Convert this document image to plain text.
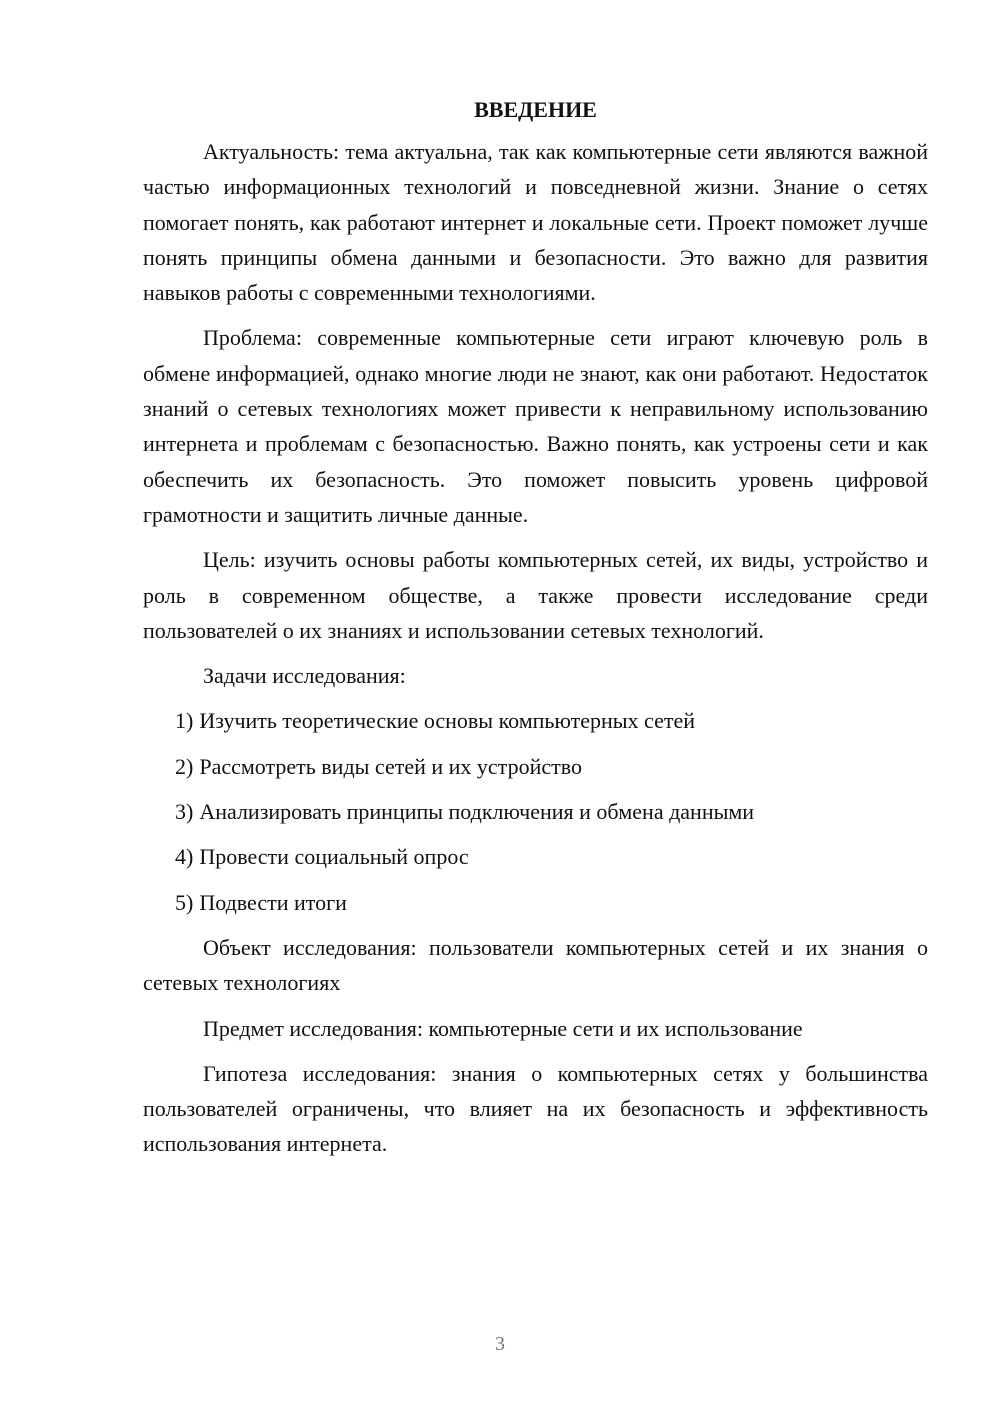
ВВЕДЕНИЕ

Актуальность: тема актуальна, так как компьютерные сети являются важной частью информационных технологий и повседневной жизни. Знание о сетях помогает понять, как работают интернет и локальные сети. Проект поможет лучше понять принципы обмена данными и безопасности. Это важно для развития навыков работы с современными технологиями.

Проблема: современные компьютерные сети играют ключевую роль в обмене информацией, однако многие люди не знают, как они работают. Недостаток знаний о сетевых технологиях может привести к неправильному использованию интернета и проблемам с безопасностью. Важно понять, как устроены сети и как обеспечить их безопасность. Это поможет повысить уровень цифровой грамотности и защитить личные данные.

Цель: изучить основы работы компьютерных сетей, их виды, устройство и роль в современном обществе, а также провести исследование среди пользователей о их знаниях и использовании сетевых технологий.

Задачи исследования:

1) Изучить теоретические основы компьютерных сетей
2) Рассмотреть виды сетей и их устройство
3) Анализировать принципы подключения и обмена данными
4) Провести социальный опрос
5) Подвести итоги

Объект исследования: пользователи компьютерных сетей и их знания о сетевых технологиях

Предмет исследования: компьютерные сети и их использование

Гипотеза исследования: знания о компьютерных сетях у большинства пользователей ограничены, что влияет на их безопасность и эффективность использования интернета.

3
